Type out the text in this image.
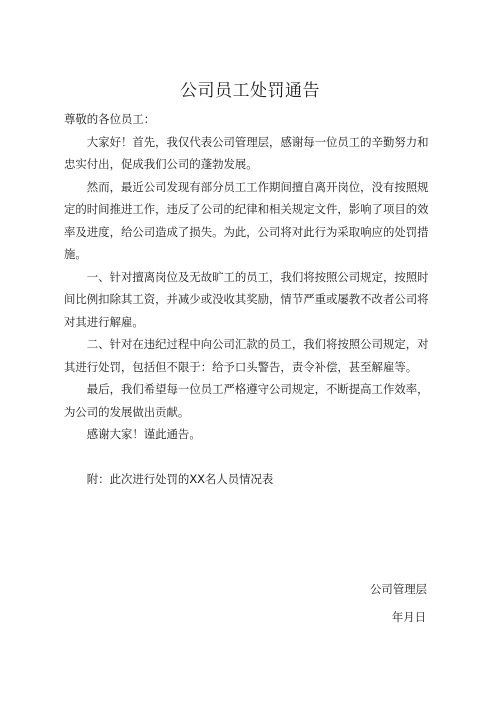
公司员工处罚通告

尊敬的各位员工：

大家好！首先，我仅代表公司管理层，感谢每一位员工的辛勤努力和忠实付出，促成我们公司的蓬勃发展。

然而，最近公司发现有部分员工工作期间擅自离开岗位，没有按照规定的时间推进工作，违反了公司的纪律和相关规定文件，影响了项目的效率及进度，给公司造成了损失。为此，公司将对此行为采取响应的处罚措施。

一、针对擅离岗位及无故旷工的员工，我们将按照公司规定，按照时间比例扣除其工资，并减少或没收其奖励，情节严重或屡教不改者公司将对其进行解雇。

二、针对在违纪过程中向公司汇款的员工，我们将按照公司规定，对其进行处罚，包括但不限于：给予口头警告，责令补偿，甚至解雇等。

最后，我们希望每一位员工严格遵守公司规定，不断提高工作效率，为公司的发展做出贡献。

感谢大家！谨此通告。

附：此次进行处罚的XX名人员情况表

公司管理层
年月日
